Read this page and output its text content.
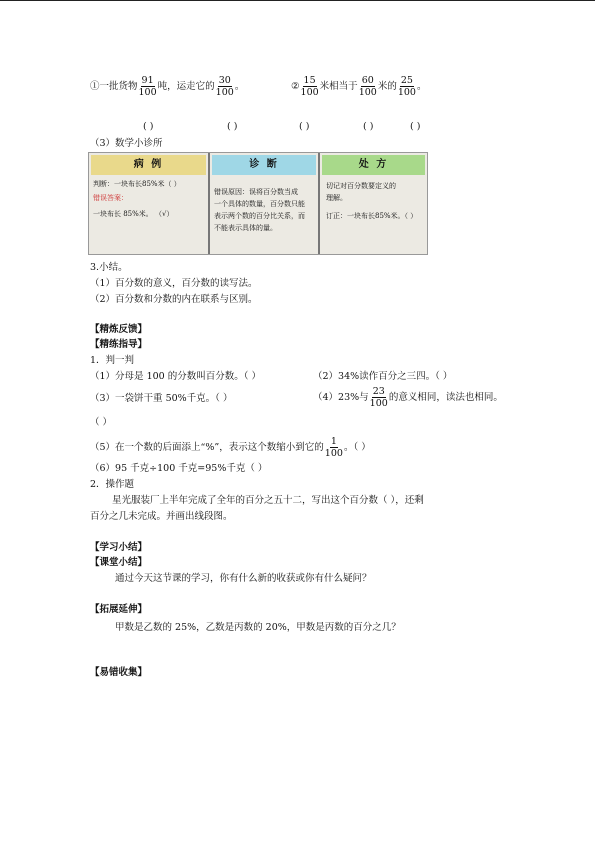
①一批货物 $\frac{91}{100}$ 吨，运走它的 $\frac{30}{100}$ 。	② $\frac{15}{100}$ 米相当于 $\frac{60}{100}$ 米的 $\frac{25}{100}$ 。
( )	( )	( )	( )	( )
（3）数学小诊所
病 例
判断：一块布长85%米（ ）
错误答案：
一块布长 85%米。 （√）
诊 断
错误原因：误将百分数当成
一个具体的数量，百分数只能
表示两个数的百分比关系，而
不能表示具体的量。
处 方
切记对百分数要定义的
理解。
订正：一块布长85%米。（ ）
3.小结。
（1）百分数的意义，百分数的读写法。
（2）百分数和分数的内在联系与区别。
【精炼反馈】
【精练指导】
1．判一判
（1）分母是 100 的分数叫百分数。（ ）	（2）34%读作百分之三四。（ ）
（3）一袋饼干重 50%千克。（ ）	（4）23%与 $\frac{23}{100}$ 的意义相同，读法也相同。
（ ）
（5）在一个数的后面添上“%”，表示这个数缩小到它的 $\frac{1}{100}$ 。（ ）
（6）95 千克÷100 千克=95%千克（ ）
2．操作题
星光服装厂上半年完成了全年的百分之五十二，写出这个百分数（ ），还剩
百分之几未完成。并画出线段图。
【学习小结】
【课堂小结】
通过今天这节课的学习，你有什么新的收获或你有什么疑问？
【拓展延伸】
甲数是乙数的 25%，乙数是丙数的 20%，甲数是丙数的百分之几？
【易错收集】
